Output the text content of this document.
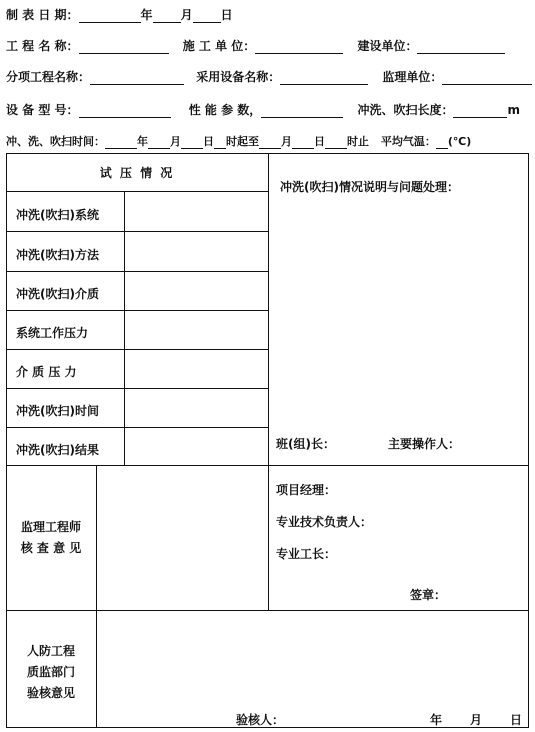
制 表 日 期：	年 月 日
工 程 名 称：	施 工 单 位：	建设单位：
分项工程名称：	采用设备名称：	监理单位：
设 备 型 号：	性 能 参 数，	冲洗、吹扫长度：	m
冲、洗、吹扫时间：	年 月 日 时起至 月 日 时止 平均气温： (℃)
试 压 情 况
冲洗(吹扫)情况说明与问题处理：
冲洗(吹扫)系统
冲洗(吹扫)方法
冲洗(吹扫)介质
系统工作压力
介 质 压 力
冲洗(吹扫)时间
冲洗(吹扫)结果	班(组)长：	主要操作人：
监理工程师
核 查 意 见
项目经理：
专业技术负责人：
专业工长：
签章：
人防工程
质监部门
验核意见
验核人：	年 月 日
